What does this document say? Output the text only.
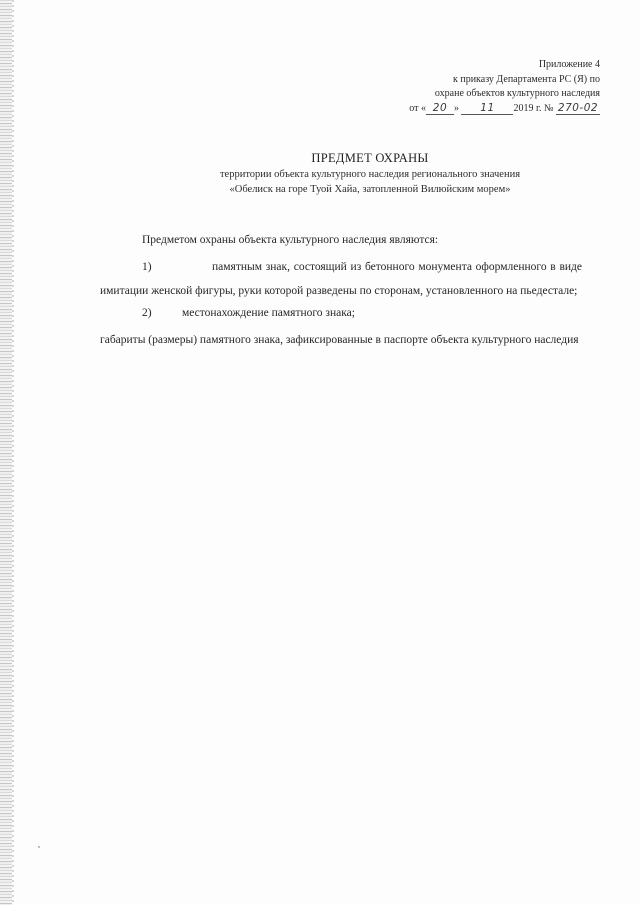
Приложение 4
к приказу Департамента РС (Я) по
охране объектов культурного наследия
от « 20 » 11 2019 г. № 270-02
ПРЕДМЕТ ОХРАНЫ
территории объекта культурного наследия регионального значения
«Обелиск на горе Туой Хайа, затопленной Вилюйским морем»
Предметом охраны объекта культурного наследия являются:
1)	памятным знак, состоящий из бетонного монумента оформленного в виде имитации женской фигуры, руки которой разведены по сторонам, установленного на пьедестале;
2)	местонахождение памятного знака;
габариты (размеры) памятного знака, зафиксированные в паспорте объекта культурного наследия
